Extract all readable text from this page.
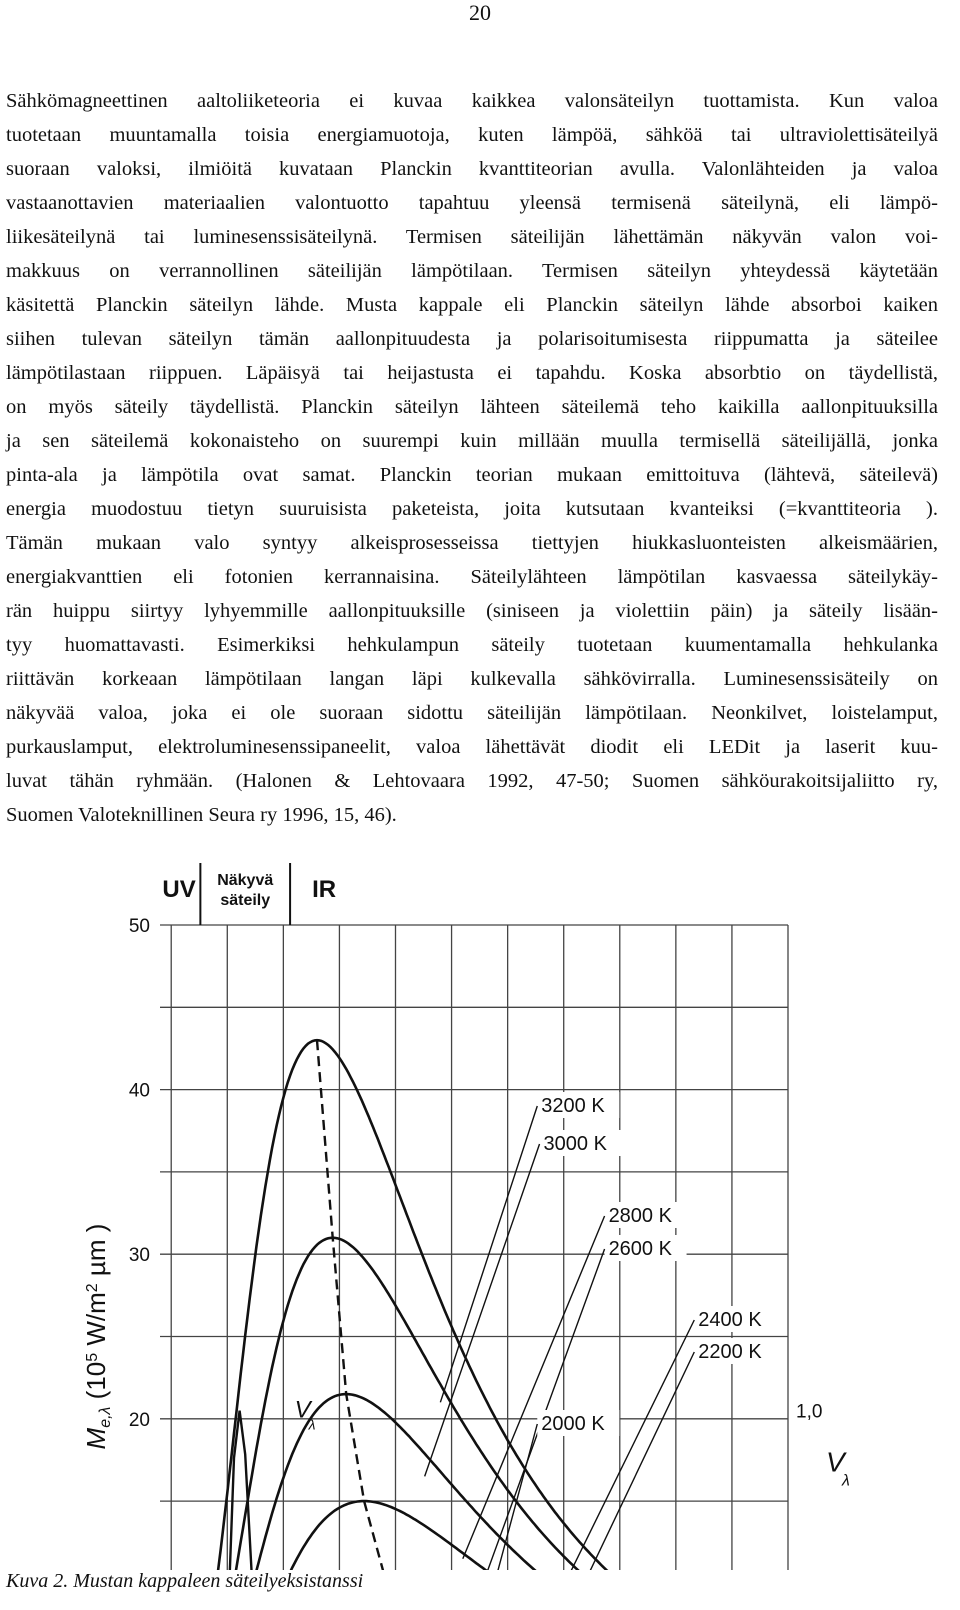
20
Sähkömagneettinen aaltoliiketeoria ei kuvaa kaikkea valonsäteilyn tuottamista. Kun valoa
tuotetaan muuntamalla toisia energiamuotoja, kuten lämpöä, sähköä tai ultraviolettisäteilyä
suoraan valoksi, ilmiöitä kuvataan Planckin kvanttiteorian avulla. Valonlähteiden ja valoa
vastaanottavien materiaalien valontuotto tapahtuu yleensä termisenä säteilynä, eli lämpö-
liikesäteilynä tai luminesenssisäteilynä. Termisen säteilijän lähettämän näkyvän valon voi-
makkuus on verrannollinen säteilijän lämpötilaan. Termisen säteilyn yhteydessä käytetään
käsitettä Planckin säteilyn lähde. Musta kappale eli Planckin säteilyn lähde absorboi kaiken
siihen tulevan säteilyn tämän aallonpituudesta ja polarisoitumisesta riippumatta ja säteilee
lämpötilastaan riippuen. Läpäisyä tai heijastusta ei tapahdu. Koska absorbtio on täydellistä,
on myös säteily täydellistä. Planckin säteilyn lähteen säteilemä teho kaikilla aallonpituuksilla
ja sen säteilemä kokonaisteho on suurempi kuin millään muulla termisellä säteilijällä, jonka
pinta-ala ja lämpötila ovat samat. Planckin teorian mukaan emittoituva (lähtevä, säteilevä)
energia muodostuu tietyn suuruisista paketeista, joita kutsutaan kvanteiksi (=kvanttiteoria ).
Tämän mukaan valo syntyy alkeisprosesseissa tiettyjen hiukkasluonteisten alkeismäärien,
energiakvanttien eli fotonien kerrannaisina. Säteilylähteen lämpötilan kasvaessa säteilykäy-
rän huippu siirtyy lyhyemmille aallonpituuksille (siniseen ja violettiin päin) ja säteily lisään-
tyy huomattavasti. Esimerkiksi hehkulampun säteily tuotetaan kuumentamalla hehkulanka
riittävän korkeaan lämpötilaan langan läpi kulkevalla sähkövirralla. Luminesenssisäteily on
näkyvää valoa, joka ei ole suoraan sidottu säteilijän lämpötilaan. Neonkilvet, loistelamput,
purkauslamput, elektroluminesenssipaneelit, valoa lähettävät diodit eli LEDit ja laserit kuu-
luvat tähän ryhmään. (Halonen & Lehtovaara 1992, 47-50; Suomen sähköurakoitsijaliitto ry,
Suomen Valoteknillinen Seura ry 1996, 15, 46).
20
30
40
50
1,0
UV Näkyvä
säteily IR
Me,λ ($10^5$ $W/m^2$ µm )
V
λ
V
λ
3200 K
3000 K
2800 K
2600 K
2400 K
2200 K
2000 K
Kuva 2. Mustan kappaleen säteilyeksistanssi
